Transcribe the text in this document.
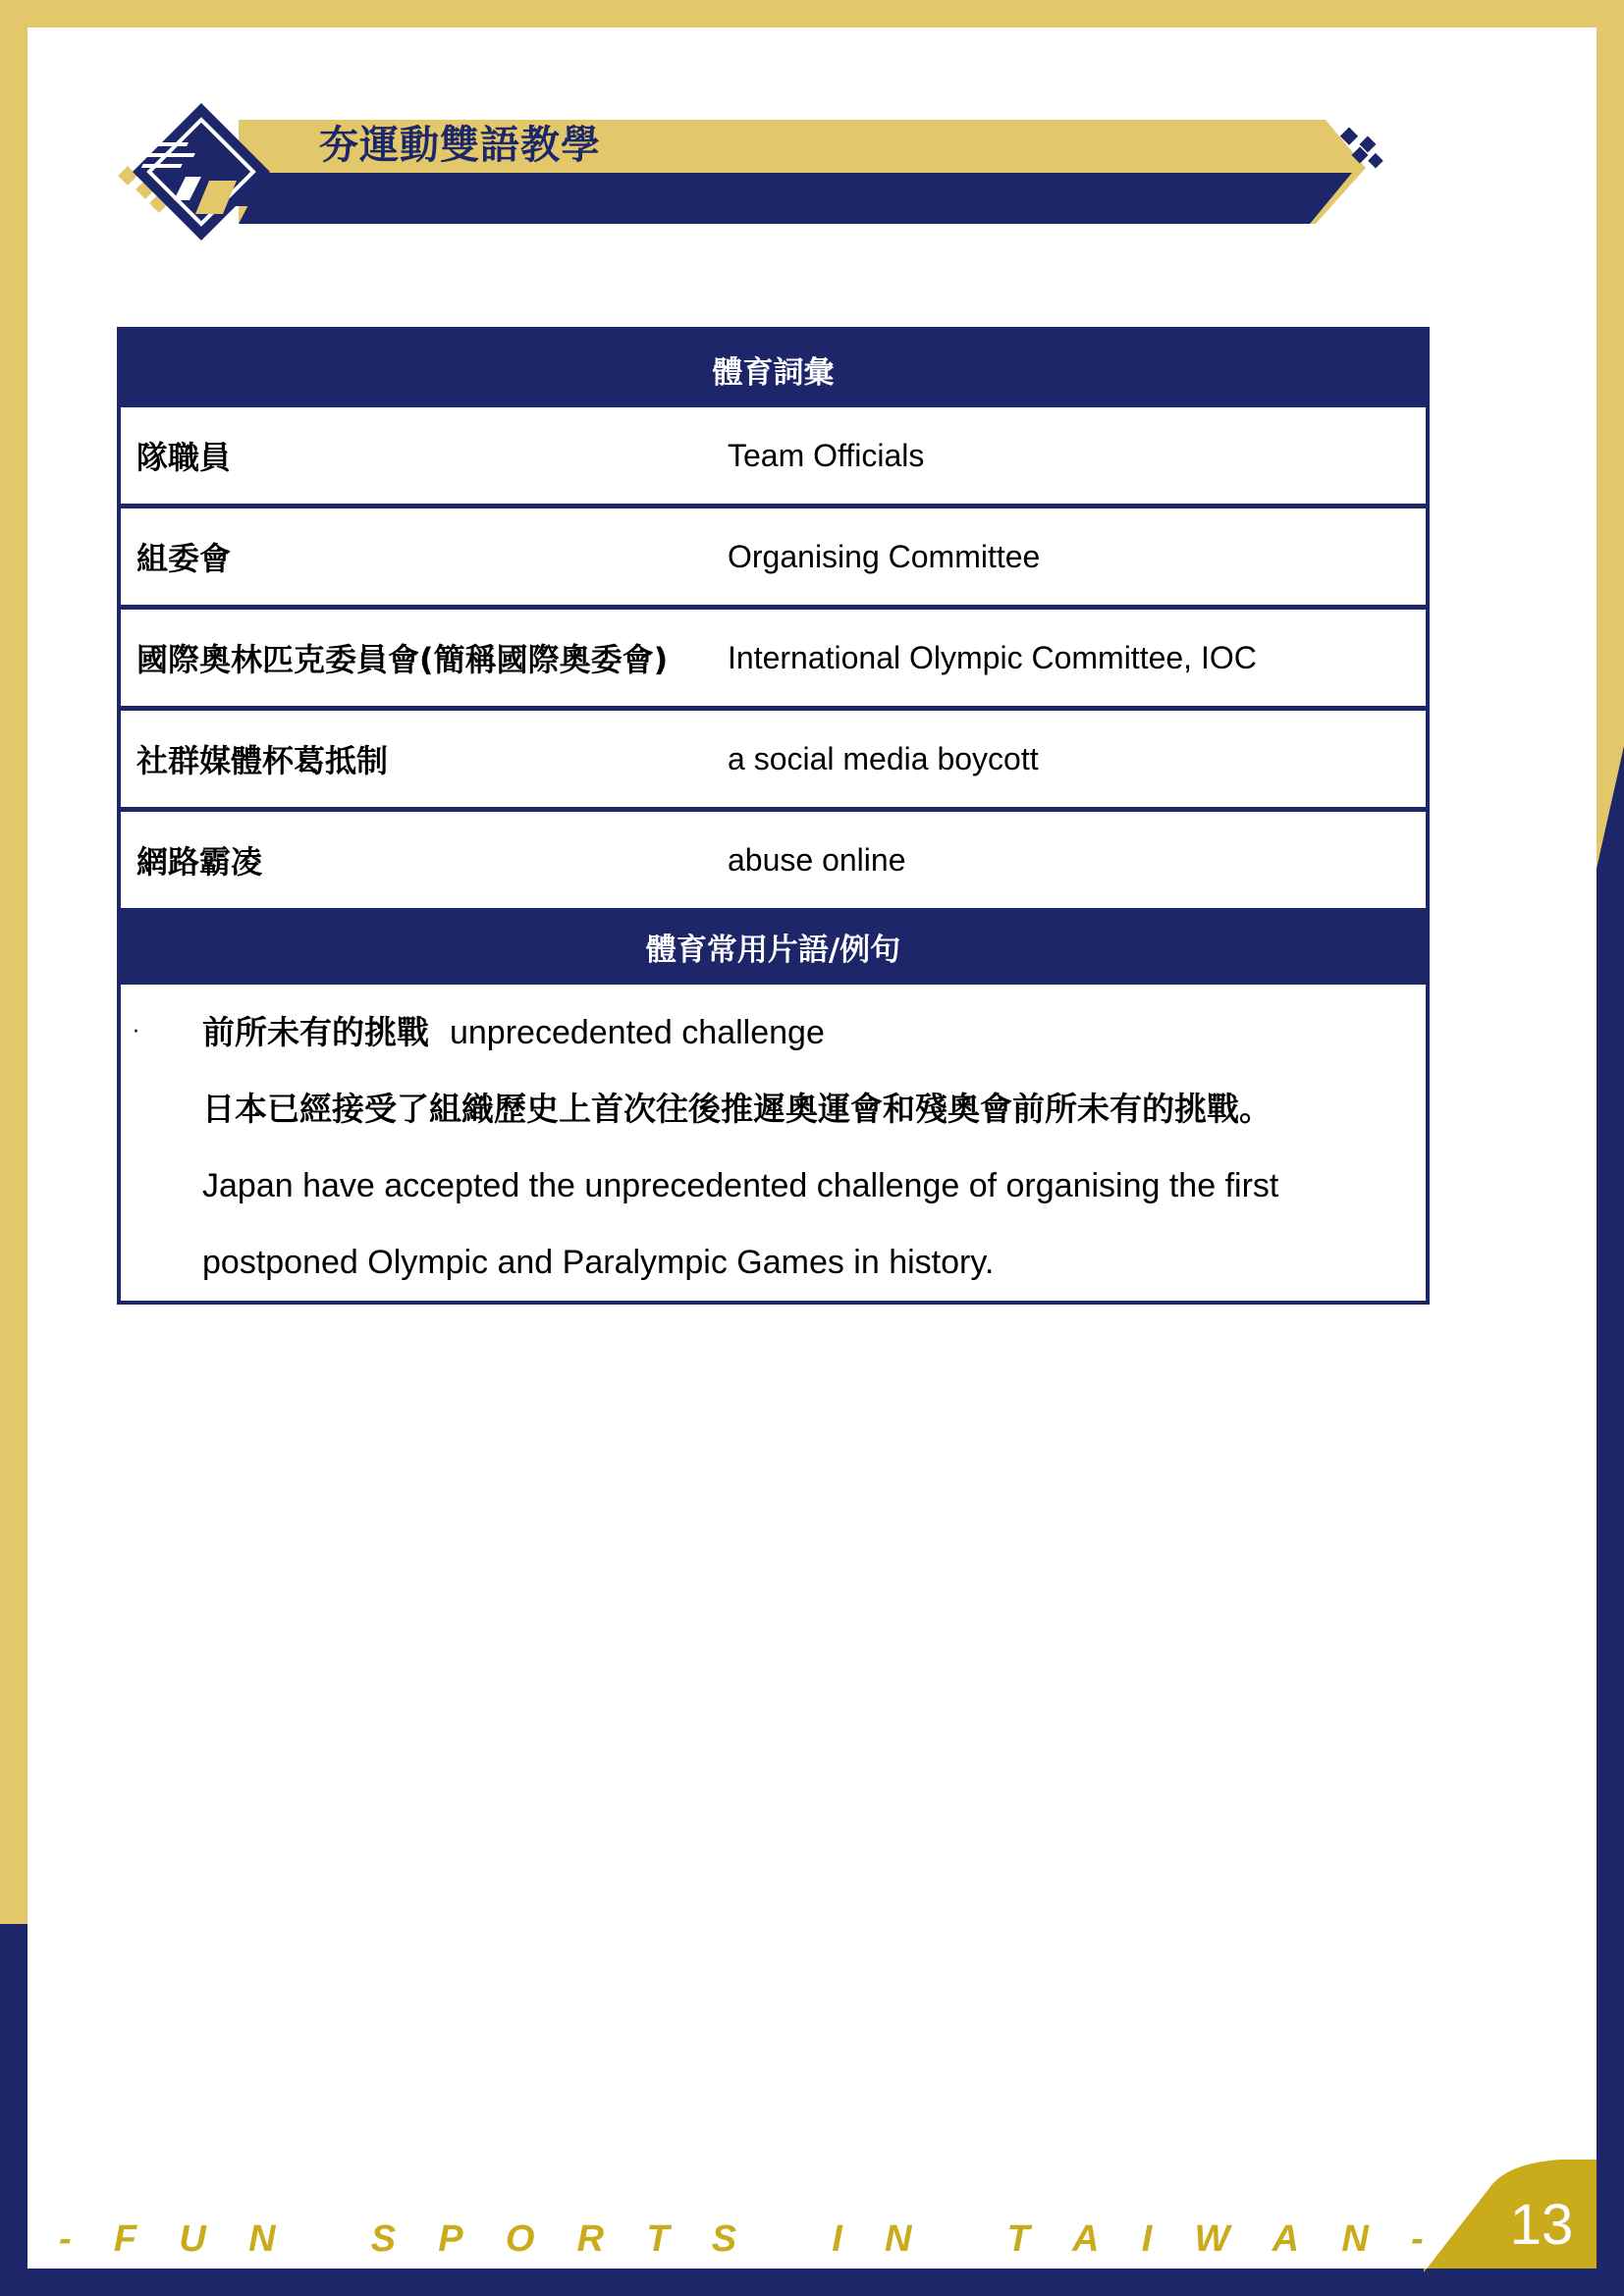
夯運動雙語教學
體育詞彙	
隊職員	Team Officials
組委會	Organising Committee
國際奧林匹克委員會(簡稱國際奧委會)	International Olympic Committee, IOC
社群媒體杯葛抵制	a social media boycott
網路霸凌	abuse online
體育常用片語/例句	

· 前所未有的挑戰 unprecedented challenge
日本已經接受了組織歷史上首次往後推遲奧運會和殘奧會前所未有的挑戰。
Japan have accepted the unprecedented challenge of organising the first
postponed Olympic and Paralympic Games in history.	
- F U N
	S P O R T S
	I N
	T A I W A N -	13
